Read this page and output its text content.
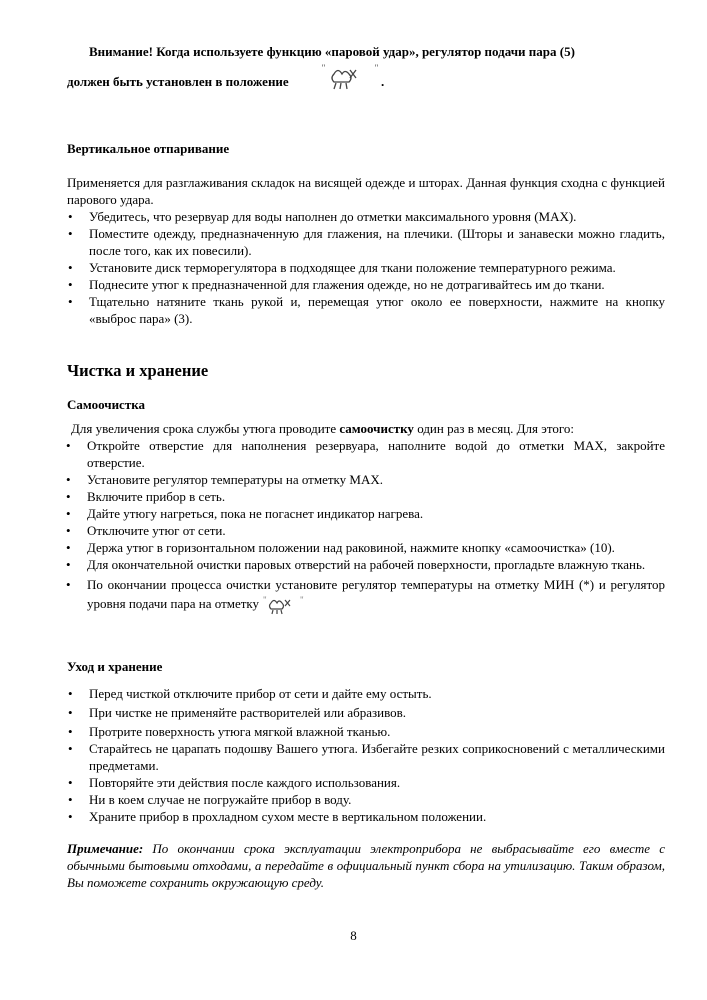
Внимание! Когда используете функцию «паровой удар», регулятор подачи пара (5)
должен быть установлен в положение
"	"
.
Вертикальное отпаривание
Применяется для разглаживания складок на висящей одежде и шторах. Данная функция сходна с функцией парового удара.
• Убедитесь, что резервуар для воды наполнен до отметки максимального уровня (MAX).
• Поместите одежду, предназначенную для глажения, на плечики. (Шторы и занавески можно гладить, после того, как их повесили).
• Установите диск терморегулятора в подходящее для ткани положение температурного режима.
• Поднесите утюг к предназначенной для глажения одежде, но не дотрагивайтесь им до ткани.
• Тщательно натяните ткань рукой и, перемещая утюг около ее поверхности, нажмите на кнопку «выброс пара» (3).
Чистка и хранение
Самоочистка
Для увеличения срока службы утюга проводите самоочистку один раз в месяц. Для этого:
• Откройте отверстие для наполнения резервуара, наполните водой до отметки MAX, закройте отверстие.
• Установите регулятор температуры на отметку MAX.
• Включите прибор в сеть.
• Дайте утюгу нагреться, пока не погаснет индикатор нагрева.
• Отключите утюг от сети.
• Держа утюг в горизонтальном положении над раковиной, нажмите кнопку «самоочистка» (10).
• Для окончательной очистки паровых отверстий на рабочей поверхности, прогладьте влажную ткань.
• По окончании процесса очистки установите регулятор температуры на отметку МИН (*) и регулятор уровня подачи пара на отметку "	"
Уход и хранение
• Перед чисткой отключите прибор от сети и дайте ему остыть.
• При чистке не применяйте растворителей или абразивов.
• Протрите поверхность утюга мягкой влажной тканью.
• Старайтесь не царапать подошву Вашего утюга. Избегайте резких соприкосновений с металлическими предметами.
• Повторяйте эти действия после каждого использования.
• Ни в коем случае не погружайте прибор в воду.
• Храните прибор в прохладном сухом месте в вертикальном положении.
Примечание: По окончании срока эксплуатации электроприбора не выбрасывайте его вместе с обычными бытовыми отходами, а передайте в официальный пункт сбора на утилизацию. Таким образом, Вы поможете сохранить окружающую среду.
8
